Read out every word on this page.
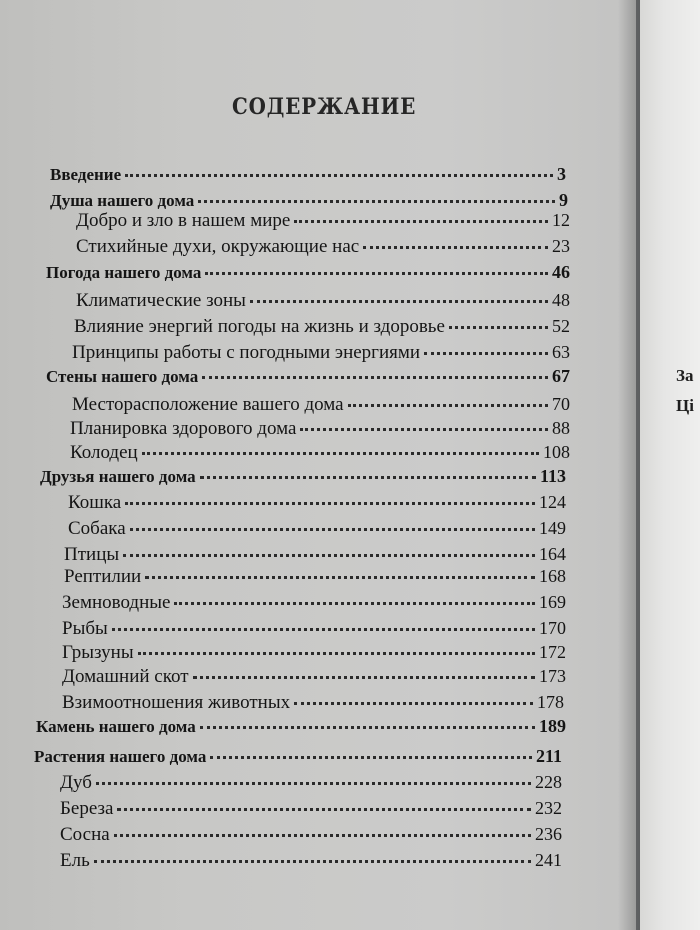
За
Ці
СОДЕРЖАНИЕ
Введение	3
Душа нашего дома	9
Добро и зло в нашем мире	12
Стихийные духи, окружающие нас	23
Погода нашего дома	46
Климатические зоны	48
Влияние энергий погоды на жизнь и здоровье	52
Принципы работы с погодными энергиями	63
Стены нашего дома	67
Месторасположение вашего дома	70
Планировка здорового дома	88
Колодец	108
Друзья нашего дома	113
Кошка	124
Собака	149
Птицы	164
Рептилии	168
Земноводные	169
Рыбы	170
Грызуны	172
Домашний скот	173
Взимоотношения животных	178
Камень нашего дома	189
Растения нашего дома	211
Дуб	228
Береза	232
Сосна	236
Ель	241
